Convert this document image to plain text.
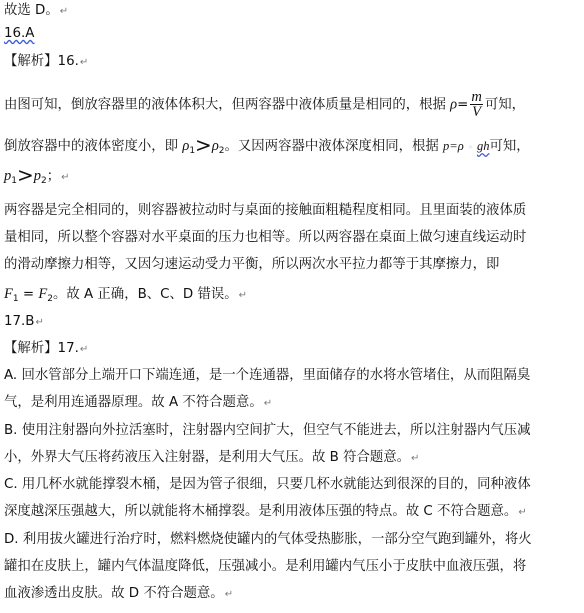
故选 D。↵
16.A
【解析】16.↵
由图可知，倒放容器里的液体体积大，但两容器中液体质量是相同的，根据 $\rho= \frac{m}{V}$ 可知，
倒放容器中的液体密度小，即 $\rho_1>\rho_2$。又因两容器中液体深度相同，根据 p=ρ ◦ gh可知，
$p_1>p_2$；↵
两容器是完全相同的，则容器被拉动时与桌面的接触面粗糙程度相同。且里面装的液体质
量相同，所以整个容器对水平桌面的压力也相等。所以两容器在桌面上做匀速直线运动时
的滑动摩擦力相等，又因匀速运动受力平衡，所以两次水平拉力都等于其摩擦力，即
$F_1 = F_2$。故 A 正确，B、C、D 错误。↵
17.B↵
【解析】17.↵
A. 回水管部分上端开口下端连通，是一个连通器，里面储存的水将水管堵住，从而阻隔臭
气，是利用连通器原理。故 A 不符合题意。↵
B. 使用注射器向外拉活塞时，注射器内空间扩大，但空气不能进去，所以注射器内气压减
小，外界大气压将药液压入注射器，是利用大气压。故 B 符合题意。↵
C. 用几杯水就能撑裂木桶，是因为管子很细，只要几杯水就能达到很深的目的，同种液体
深度越深压强越大，所以就能将木桶撑裂。是利用液体压强的特点。故 C 不符合题意。↵
D. 利用拔火罐进行治疗时，燃料燃烧使罐内的气体受热膨胀，一部分空气跑到罐外，将火
罐扣在皮肤上，罐内气体温度降低，压强减小。是利用罐内气压小于皮肤中血液压强，将
血液渗透出皮肤。故 D 不符合题意。↵
